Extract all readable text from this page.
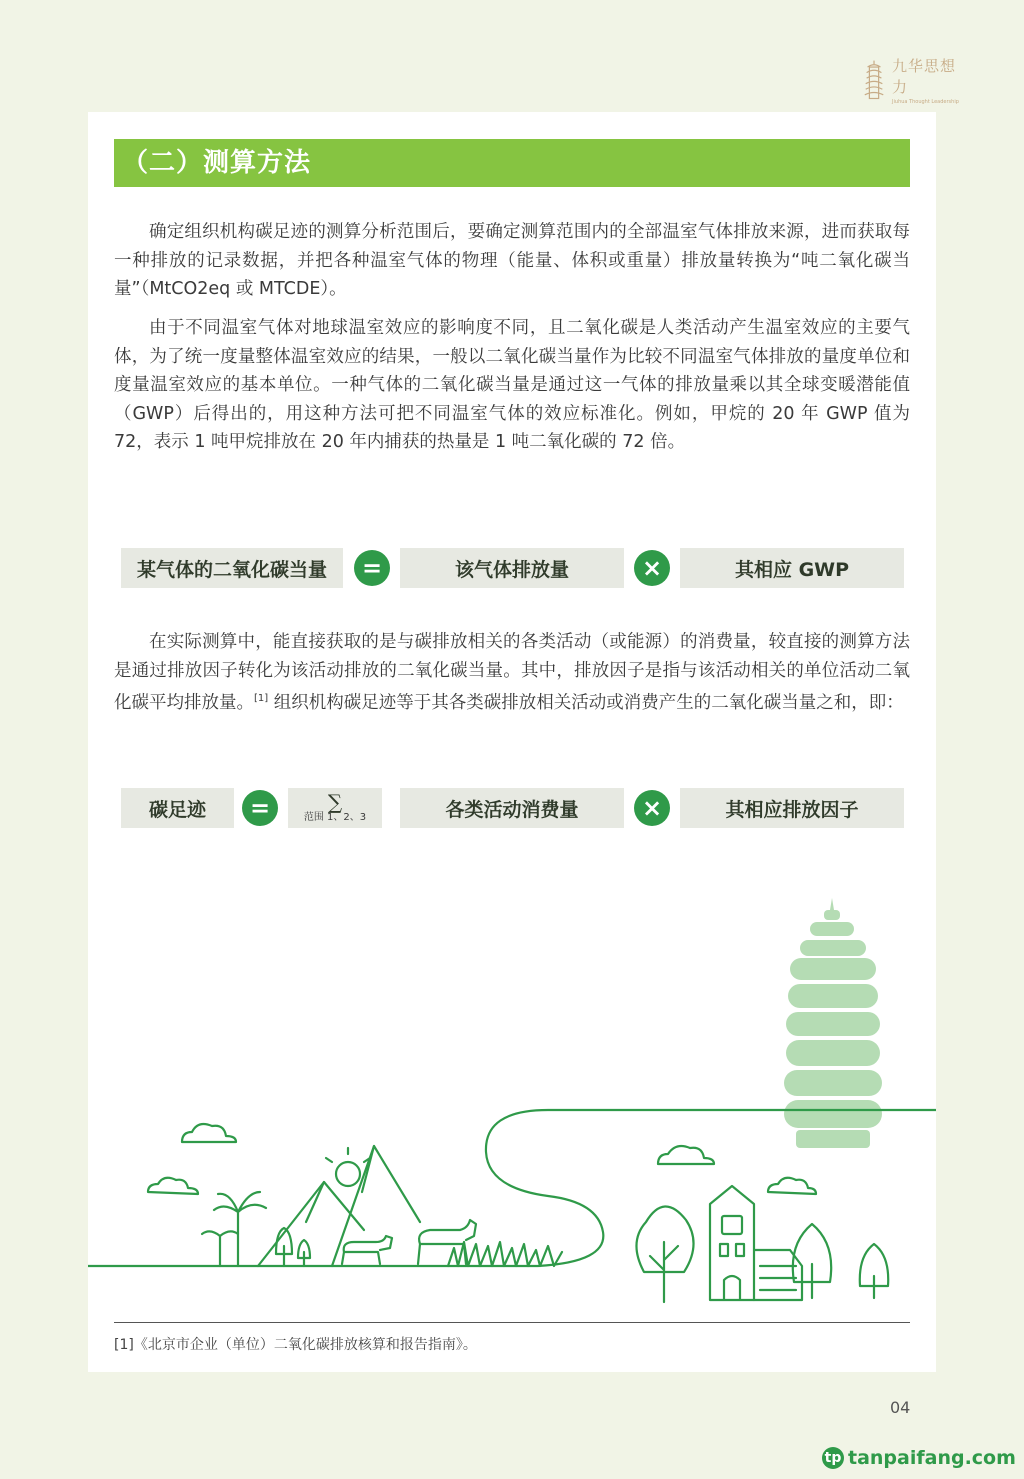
九华思想力
Jiuhua Thought Leadership
（二）测算方法

确定组织机构碳足迹的测算分析范围后，要确定测算范围内的全部温室气体排放来源，进而获取每一种排放的记录数据，并把各种温室气体的物理（能量、体积或重量）排放量转换为“吨二氧化碳当量”（MtCO2eq 或 MTCDE）。

由于不同温室气体对地球温室效应的影响度不同，且二氧化碳是人类活动产生温室效应的主要气体，为了统一度量整体温室效应的结果，一般以二氧化碳当量作为比较不同温室气体排放的量度单位和度量温室效应的基本单位。一种气体的二氧化碳当量是通过这一气体的排放量乘以其全球变暖潜能值（GWP）后得出的，用这种方法可把不同温室气体的效应标准化。例如，甲烷的 20 年 GWP 值为 72，表示 1 吨甲烷排放在 20 年内捕获的热量是 1 吨二氧化碳的 72 倍。

某气体的二氧化碳当量	=	该气体排放量	×	其相应 GWP

在实际测算中，能直接获取的是与碳排放相关的各类活动（或能源）的消费量，较直接的测算方法是通过排放因子转化为该活动排放的二氧化碳当量。其中，排放因子是指与该活动相关的单位活动二氧化碳平均排放量。[1] 组织机构碳足迹等于其各类碳排放相关活动或消费产生的二氧化碳当量之和，即：

碳足迹	=	∑
范围 1、2、3	各类活动消费量	×	其相应排放因子
[1]《北京市企业（单位）二氧化碳排放核算和报告指南》。
04
tp tanpaifang.com
